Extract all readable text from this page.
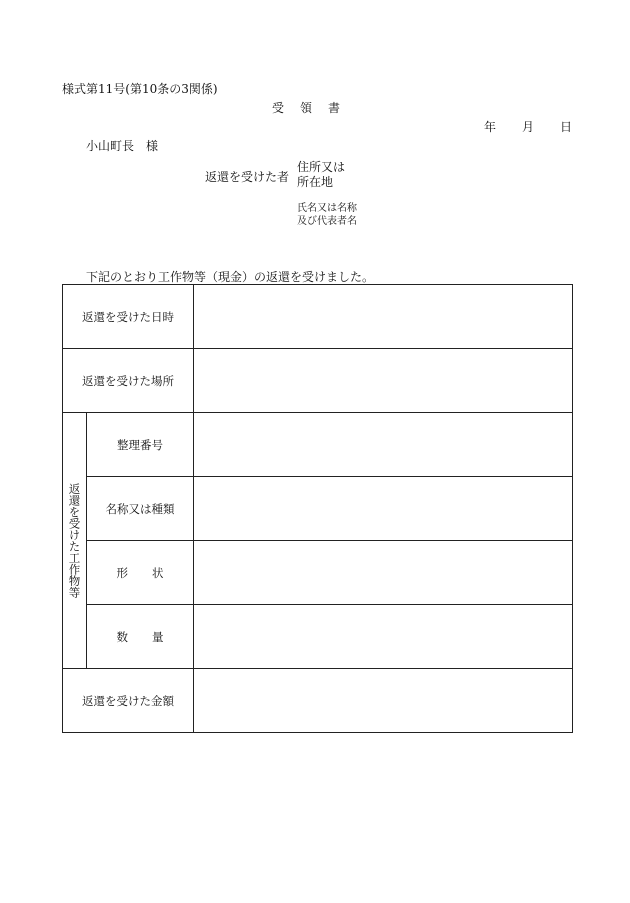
様式第11号(第10条の3関係)
受領書
年 月 日
小山町長　様
返還を受けた者
住所又は
所在地
氏名又は名称
及び代表者名
下記のとおり工作物等（現金）の返還を受けました。
返還を受けた日時		
返還を受けた場所		
返還を受けた工作物等	整理番号	
	名称又は種類	
	形状	
	数量	
返還を受けた金額		
